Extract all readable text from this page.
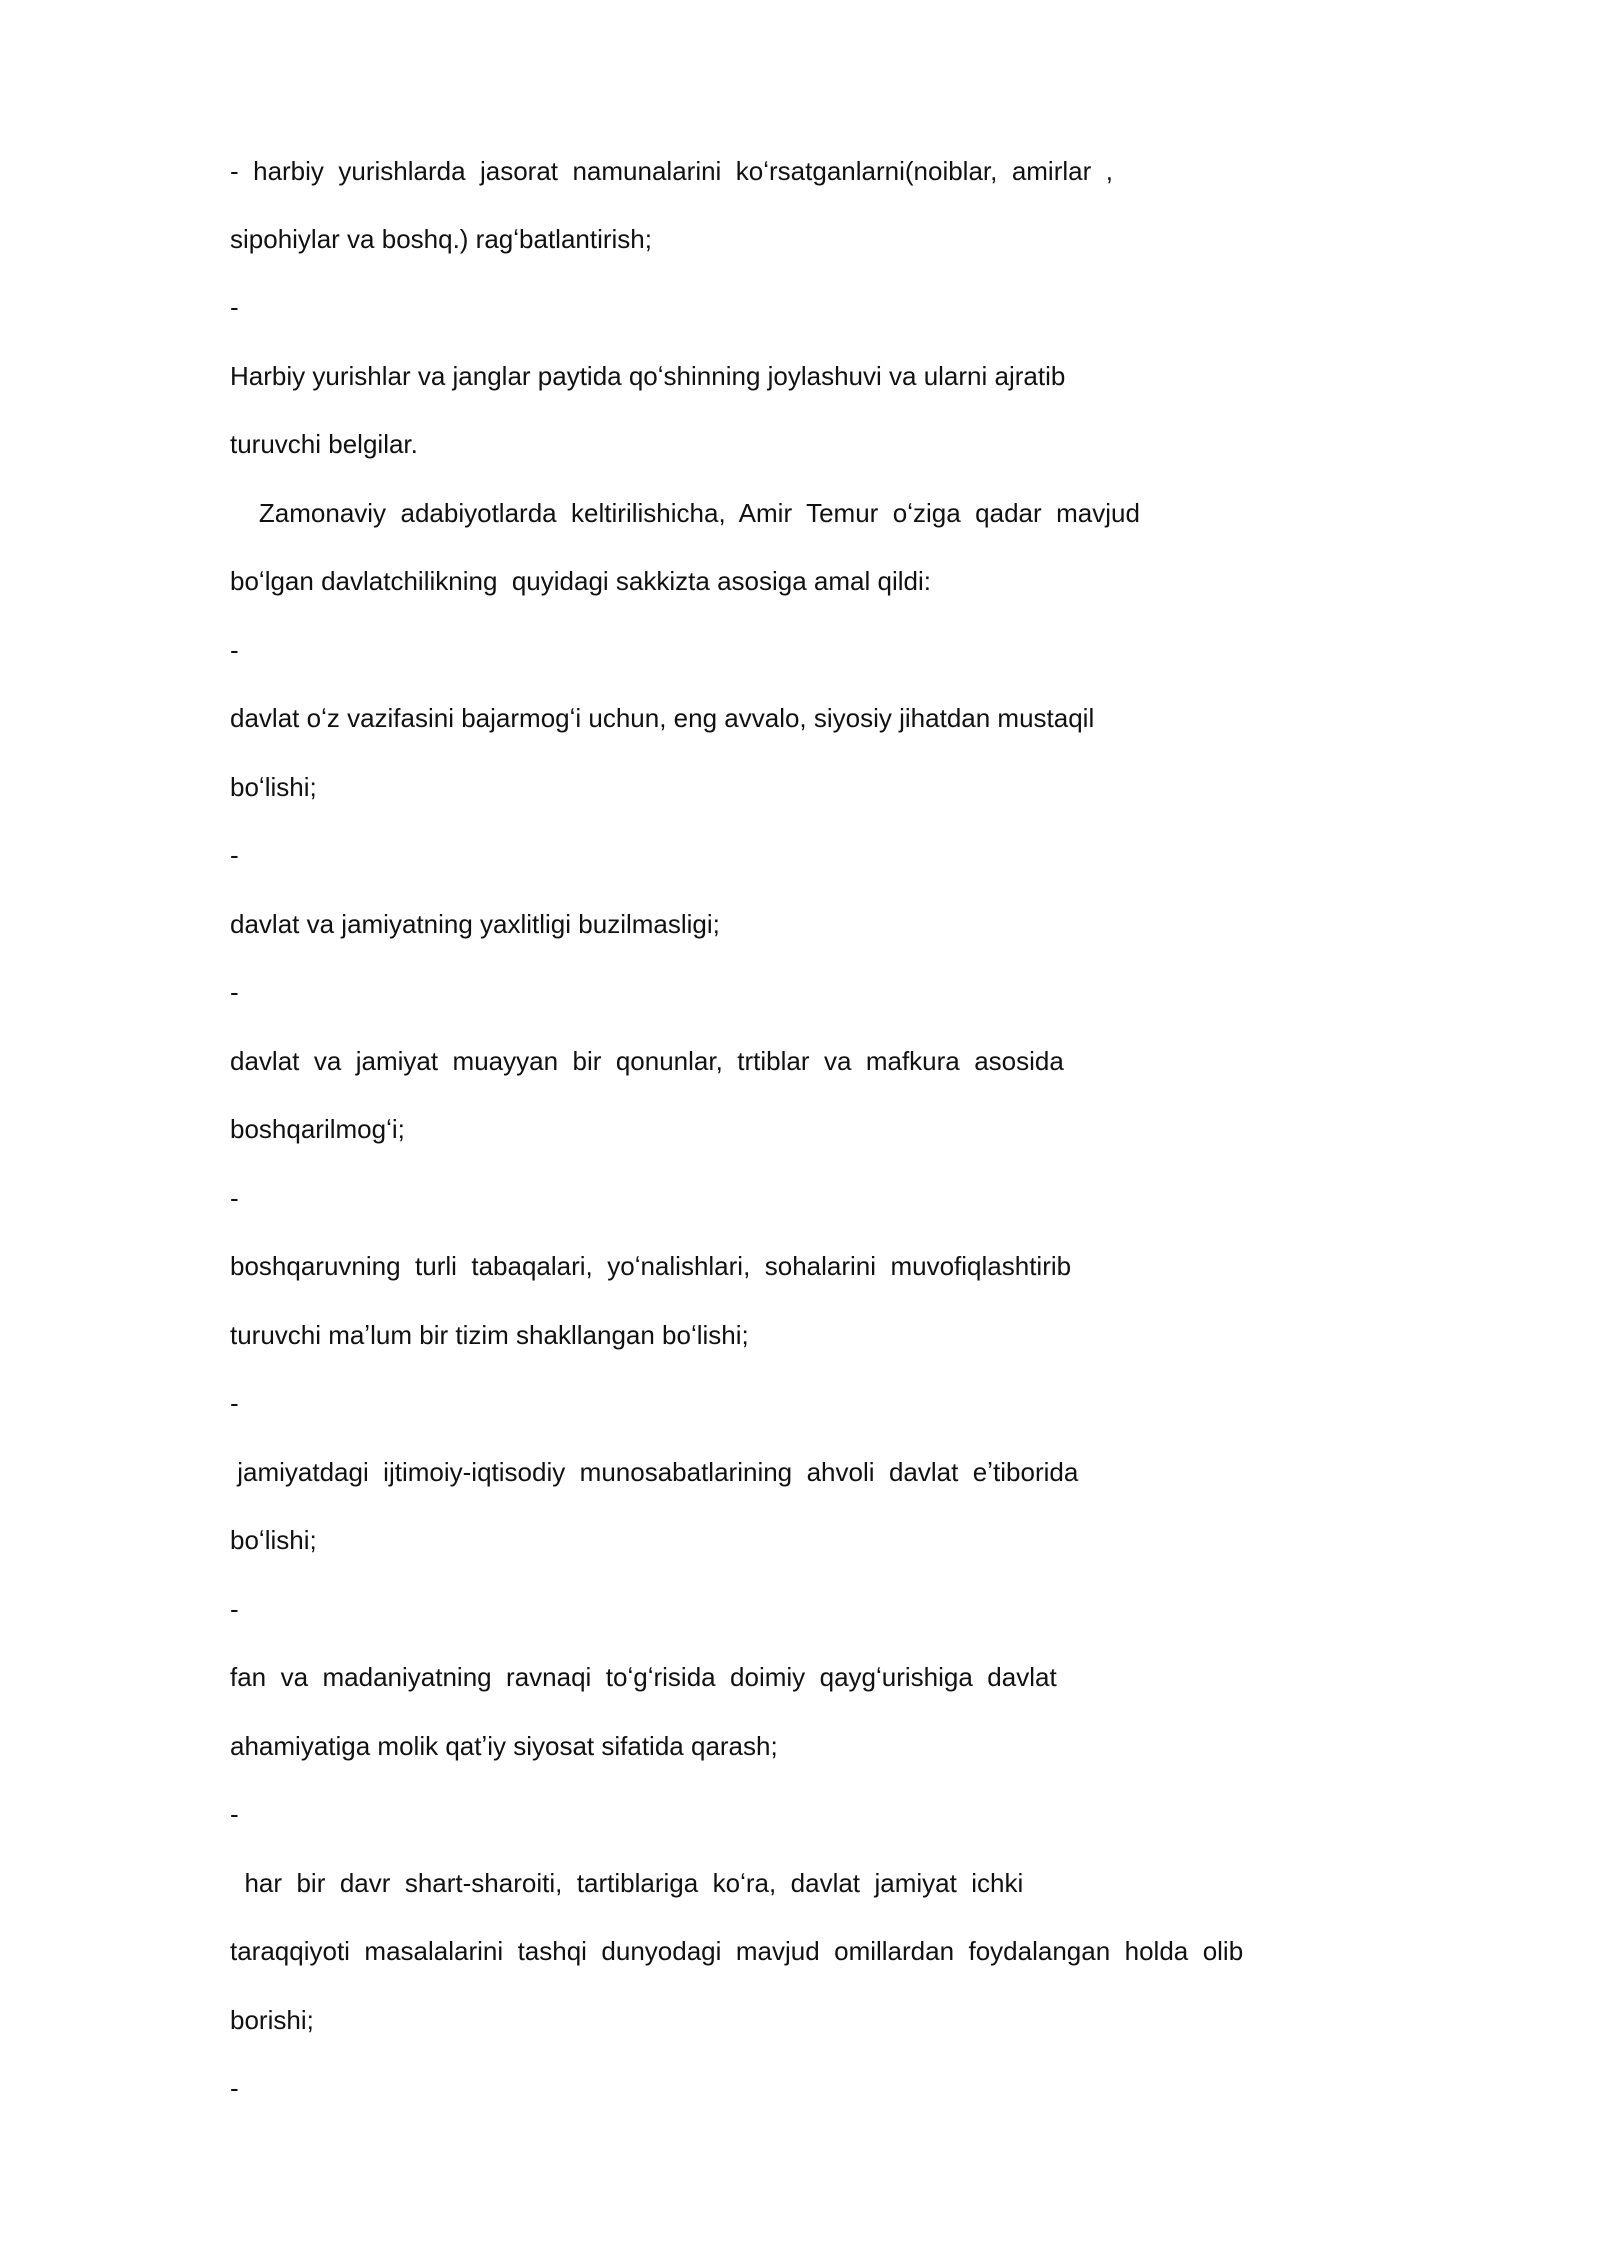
-  harbiy  yurishlarda  jasorat  namunalarini  koʻrsatganlarni(noiblar,  amirlar  ,
sipohiylar va boshq.) ragʻbatlantirish;
-
Harbiy yurishlar va janglar paytida qoʻshinning joylashuvi va ularni ajratib
turuvchi belgilar.
Zamonaviy  adabiyotlarda  keltirilishicha,  Amir  Temur  oʻziga  qadar  mavjud
boʻlgan davlatchilikning  quyidagi sakkizta asosiga amal qildi:
-
davlat oʻz vazifasini bajarmogʻi uchun, eng avvalo, siyosiy jihatdan mustaqil
boʻlishi;
-
davlat va jamiyatning yaxlitligi buzilmasligi;
-
davlat  va  jamiyat  muayyan  bir  qonunlar,  trtiblar  va  mafkura  asosida
boshqarilmogʻi;
-
boshqaruvning  turli  tabaqalari,  yoʻnalishlari,  sohalarini  muvofiqlashtirib
turuvchi maʼlum bir tizim shakllangan boʻlishi;
-
jamiyatdagi  ijtimoiy-iqtisodiy  munosabatlarining  ahvoli  davlat  eʼtiborida
boʻlishi;
-
fan  va  madaniyatning  ravnaqi  toʻgʻrisida  doimiy  qaygʻurishiga  davlat
ahamiyatiga molik qatʼiy siyosat sifatida qarash;
-
har  bir  davr  shart-sharoiti,  tartiblariga  koʻra,  davlat  jamiyat  ichki
taraqqiyoti  masalalarini  tashqi  dunyodagi  mavjud  omillardan  foydalangan  holda  olib
borishi;
-
